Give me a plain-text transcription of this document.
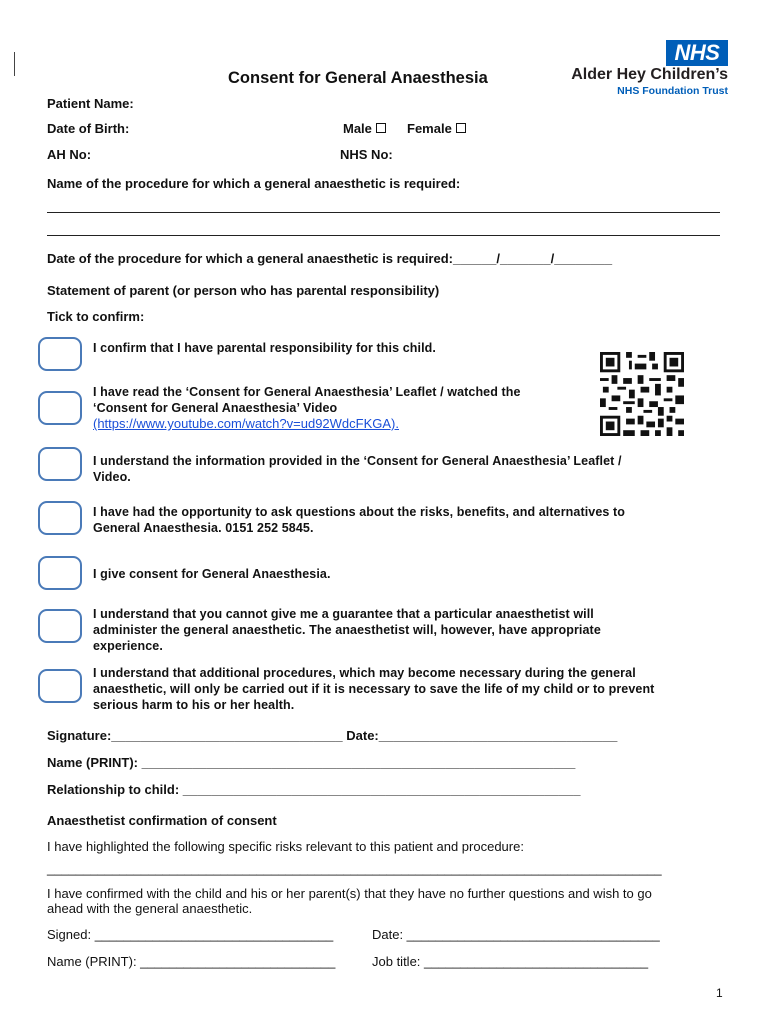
Consent for General Anaesthesia
NHS
Alder Hey Children’s
NHS Foundation Trust
Patient Name:
Date of Birth:	Male	Female
AH No:	NHS No:
Name of the procedure for which a general anaesthetic is required:
Date of the procedure for which a general anaesthetic is required:______/_______/________
Statement of parent (or person who has parental responsibility)
Tick to confirm:
I confirm that I have parental responsibility for this child.
I have read the ‘Consent for General Anaesthesia’ Leaflet / watched the
‘Consent for General Anaesthesia’ Video
(https://www.youtube.com/watch?v=ud92WdcFKGA).
I understand the information provided in the ‘Consent for General Anaesthesia’ Leaflet /
Video.
I have had the opportunity to ask questions about the risks, benefits, and alternatives to
General Anaesthesia. 0151 252 5845.
I give consent for General Anaesthesia.
I understand that you cannot give me a guarantee that a particular anaesthetist will
administer the general anaesthetic. The anaesthetist will, however, have appropriate
experience.
I understand that additional procedures, which may become necessary during the general
anaesthetic, will only be carried out if it is necessary to save the life of my child or to prevent
serious harm to his or her health.
Signature:________________________________ Date:_________________________________
Name (PRINT): ____________________________________________________________
Relationship to child: _______________________________________________________
Anaesthetist confirmation of consent
I have highlighted the following specific risks relevant to this patient and procedure:
_____________________________________________________________________________________
I have confirmed with the child and his or her parent(s) that they have no further questions and wish to go
ahead with the general anaesthetic.
Signed: _________________________________	Date: ___________________________________
Name (PRINT): ___________________________	Job title: _______________________________
1
